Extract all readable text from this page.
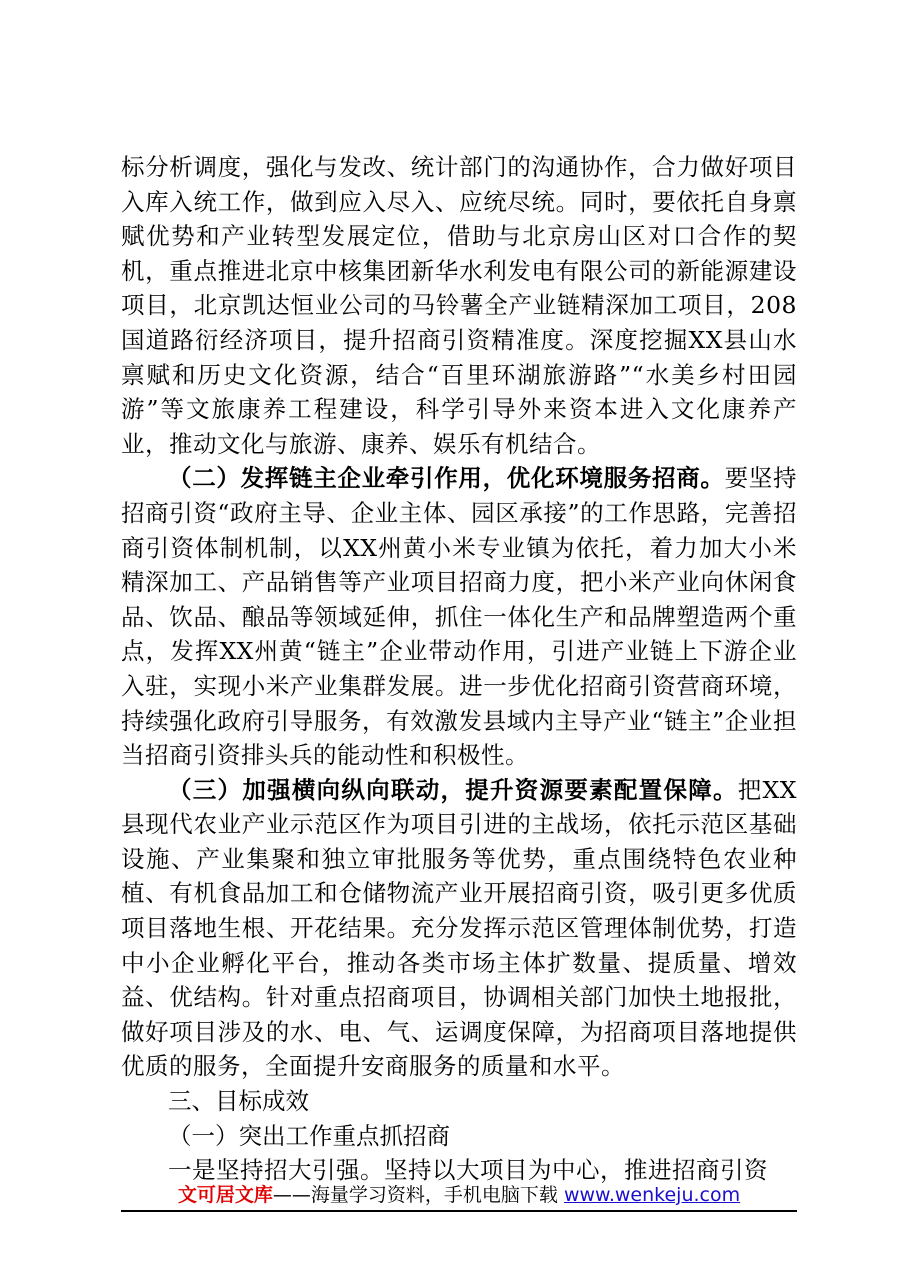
标分析调度，强化与发改、统计部门的沟通协作，合力做好项目入库入统工作，做到应入尽入、应统尽统。同时，要依托自身禀赋优势和产业转型发展定位，借助与北京房山区对口合作的契机，重点推进北京中核集团新华水利发电有限公司的新能源建设项目，北京凯达恒业公司的马铃薯全产业链精深加工项目，208国道路衍经济项目，提升招商引资精准度。深度挖掘XX县山水禀赋和历史文化资源，结合“百里环湖旅游路”“水美乡村田园游”等文旅康养工程建设，科学引导外来资本进入文化康养产业，推动文化与旅游、康养、娱乐有机结合。

（二）发挥链主企业牵引作用，优化环境服务招商。要坚持招商引资“政府主导、企业主体、园区承接”的工作思路，完善招商引资体制机制，以XX州黄小米专业镇为依托，着力加大小米精深加工、产品销售等产业项目招商力度，把小米产业向休闲食品、饮品、酿品等领域延伸，抓住一体化生产和品牌塑造两个重点，发挥XX州黄“链主”企业带动作用，引进产业链上下游企业入驻，实现小米产业集群发展。进一步优化招商引资营商环境，持续强化政府引导服务，有效激发县域内主导产业“链主”企业担当招商引资排头兵的能动性和积极性。

（三）加强横向纵向联动，提升资源要素配置保障。把XX县现代农业产业示范区作为项目引进的主战场，依托示范区基础设施、产业集聚和独立审批服务等优势，重点围绕特色农业种植、有机食品加工和仓储物流产业开展招商引资，吸引更多优质项目落地生根、开花结果。充分发挥示范区管理体制优势，打造中小企业孵化平台，推动各类市场主体扩数量、提质量、增效益、优结构。针对重点招商项目，协调相关部门加快土地报批，做好项目涉及的水、电、气、运调度保障，为招商项目落地提供优质的服务，全面提升安商服务的质量和水平。

三、目标成效

（一）突出工作重点抓招商

一是坚持招大引强。坚持以大项目为中心，推进招商引资

文可居文库——海量学习资料，手机电脑下载 www.wenkeju.com
